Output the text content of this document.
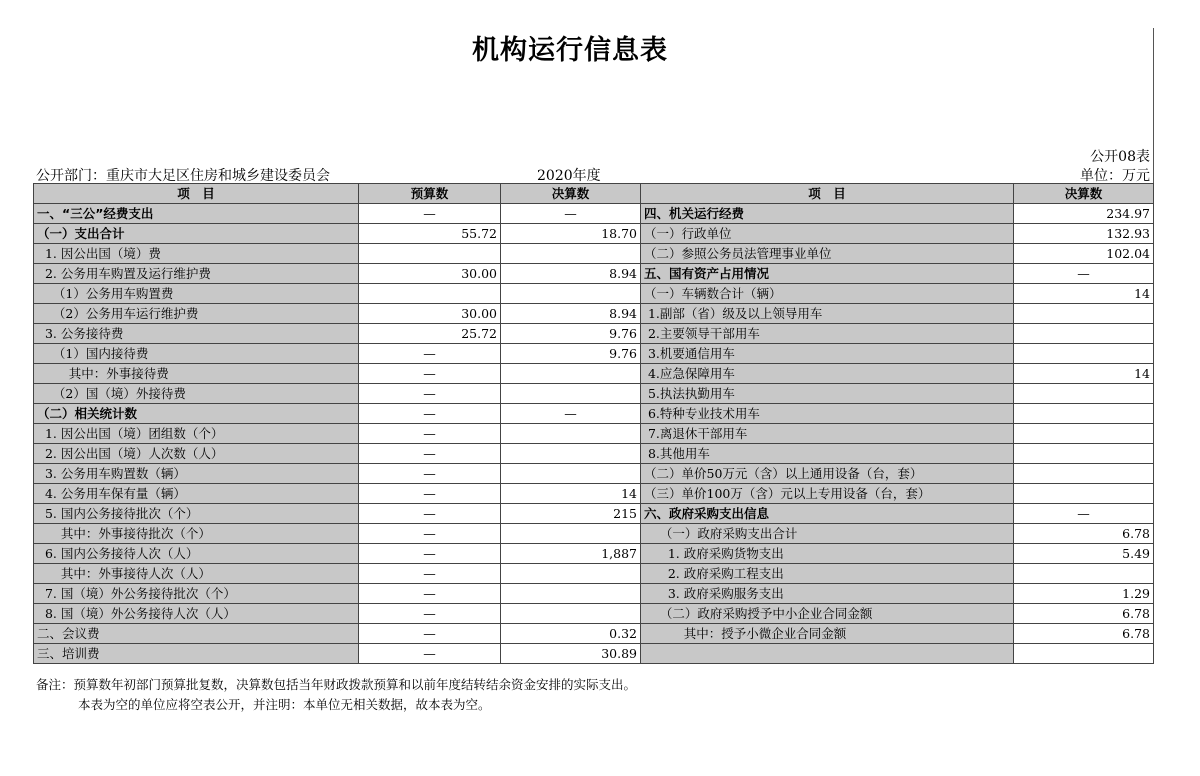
机构运行信息表
公开08表
公开部门：重庆市大足区住房和城乡建设委员会	2020年度	单位：万元
项　目	预算数	决算数	项　目	决算数
一、“三公”经费支出	—	—	四、机关运行经费	234.97
（一）支出合计	55.72	18.70	（一）行政单位	132.93
1. 因公出国（境）费			（二）参照公务员法管理事业单位	102.04
2. 公务用车购置及运行维护费	30.00	8.94	五、国有资产占用情况	—
（1）公务用车购置费			（一）车辆数合计（辆）	14
（2）公务用车运行维护费	30.00	8.94	1.副部（省）级及以上领导用车	
3. 公务接待费	25.72	9.76	2.主要领导干部用车	
（1）国内接待费	—	9.76	3.机要通信用车	
其中：外事接待费	—		4.应急保障用车	14
（2）国（境）外接待费	—		5.执法执勤用车	
（二）相关统计数	—	—	6.特种专业技术用车	
1. 因公出国（境）团组数（个）	—		7.离退休干部用车	
2. 因公出国（境）人次数（人）	—		8.其他用车	
3. 公务用车购置数（辆）	—		（二）单价50万元（含）以上通用设备（台，套）	
4. 公务用车保有量（辆）	—	14	（三）单价100万（含）元以上专用设备（台，套）	
5. 国内公务接待批次（个）	—	215	六、政府采购支出信息	—
其中：外事接待批次（个）	—		（一）政府采购支出合计	6.78
6. 国内公务接待人次（人）	—	1,887	1. 政府采购货物支出	5.49
其中：外事接待人次（人）	—		2. 政府采购工程支出	
7. 国（境）外公务接待批次（个）	—		3. 政府采购服务支出	1.29
8. 国（境）外公务接待人次（人）	—		（二）政府采购授予中小企业合同金额	6.78
二、会议费	—	0.32	其中：授予小微企业合同金额	6.78
三、培训费	—	30.89		
备注：预算数年初部门预算批复数，决算数包括当年财政拨款预算和以前年度结转结余资金安排的实际支出。
本表为空的单位应将空表公开，并注明：本单位无相关数据，故本表为空。
